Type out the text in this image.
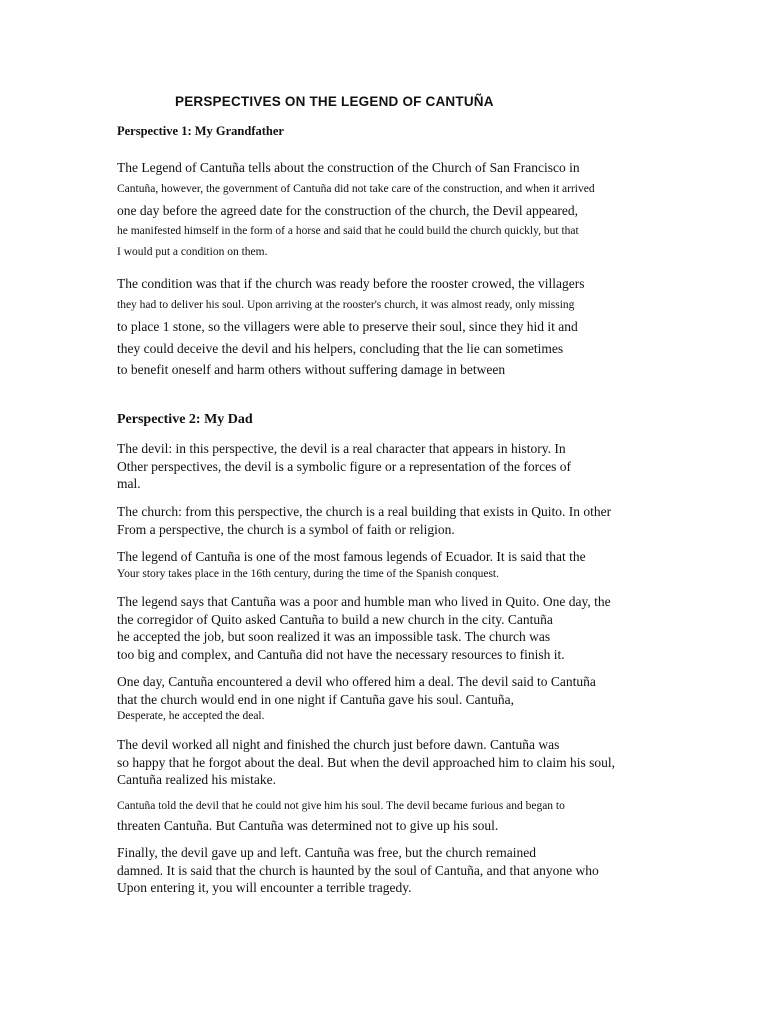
PERSPECTIVES ON THE LEGEND OF CANTUÑA
Perspective 1: My Grandfather

The Legend of Cantuña tells about the construction of the Church of San Francisco in
Cantuña, however, the government of Cantuña did not take care of the construction, and when it arrived
one day before the agreed date for the construction of the church, the Devil appeared,
he manifested himself in the form of a horse and said that he could build the church quickly, but that
I would put a condition on them.

The condition was that if the church was ready before the rooster crowed, the villagers
they had to deliver his soul. Upon arriving at the rooster's church, it was almost ready, only missing
to place 1 stone, so the villagers were able to preserve their soul, since they hid it and
they could deceive the devil and his helpers, concluding that the lie can sometimes
to benefit oneself and harm others without suffering damage in between

Perspective 2: My Dad

The devil: in this perspective, the devil is a real character that appears in history. In
Other perspectives, the devil is a symbolic figure or a representation of the forces of
mal.

The church: from this perspective, the church is a real building that exists in Quito. In other
From a perspective, the church is a symbol of faith or religion.

The legend of Cantuña is one of the most famous legends of Ecuador. It is said that the
Your story takes place in the 16th century, during the time of the Spanish conquest.

The legend says that Cantuña was a poor and humble man who lived in Quito. One day, the
the corregidor of Quito asked Cantuña to build a new church in the city. Cantuña
he accepted the job, but soon realized it was an impossible task. The church was
too big and complex, and Cantuña did not have the necessary resources to finish it.

One day, Cantuña encountered a devil who offered him a deal. The devil said to Cantuña
that the church would end in one night if Cantuña gave his soul. Cantuña,
Desperate, he accepted the deal.

The devil worked all night and finished the church just before dawn. Cantuña was
so happy that he forgot about the deal. But when the devil approached him to claim his soul,
Cantuña realized his mistake.

Cantuña told the devil that he could not give him his soul. The devil became furious and began to
threaten Cantuña. But Cantuña was determined not to give up his soul.

Finally, the devil gave up and left. Cantuña was free, but the church remained
damned. It is said that the church is haunted by the soul of Cantuña, and that anyone who
Upon entering it, you will encounter a terrible tragedy.
